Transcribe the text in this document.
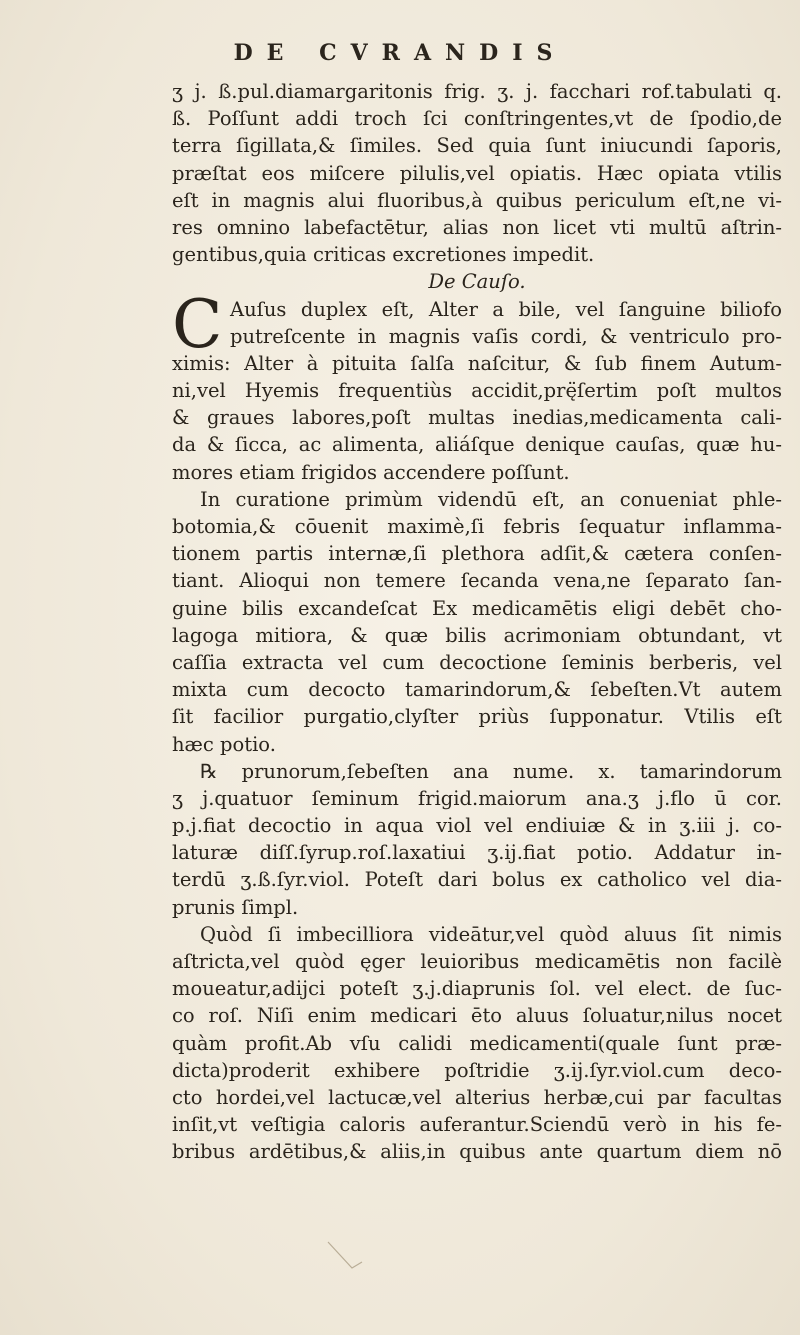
DE CVRANDIS
C
ʒ j. ß.pul.diamargaritonis frig. ʒ. j. facchari rof.tabulati q.
ß. Poſſunt addi troch ſci conſtringentes,vt de ſpodio,de
terra ſigillata,& ſimiles. Sed quia ſunt iniucundi ſaporis,
præſtat eos miſcere pilulis,vel opiatis. Hæc opiata vtilis
eſt in magnis alui fluoribus,à quibus periculum eſt,ne vi-
res omnino labefactētur, alias non licet vti multū aſtrin-
gentibus,quia criticas excretiones impedit.
De Cauſo.
Auſus duplex eſt, Alter a bile, vel ſanguine biliofo
putreſcente in magnis vaſis cordi, & ventriculo pro-
ximis: Alter à pituita ſalſa naſcitur, & ſub finem Autum-
ni,vel Hyemis frequentiùs accidit,prę̈ſertim poſt multos
& graues labores,poſt multas inedias,medicamenta cali-
da & ſicca, ac alimenta, aliáſque denique cauſas, quæ hu-
mores etiam frigidos accendere poſſunt.
In curatione primùm videndū eſt, an conueniat phle-
botomia,& cōuenit maximè,ſi febris ſequatur inflamma-
tionem partis internæ,ſi plethora adſit,& cætera conſen-
tiant. Alioqui non temere ſecanda vena,ne ſeparato ſan-
guine bilis excandeſcat Ex medicamētis eligi debēt cho-
lagoga mitiora, & quæ bilis acrimoniam obtundant, vt
caſſia extracta vel cum decoctione ſeminis berberis, vel
mixta cum decocto tamarindorum,& ſebeſten.Vt autem
ſit facilior purgatio,clyſter priùs ſupponatur. Vtilis eſt
hæc potio.
℞ prunorum,ſebeſten ana nume. x. tamarindorum
ʒ j.quatuor ſeminum frigid.maiorum ana.ʒ j.flo ū cor.
p.j.fiat decoctio in aqua viol vel endiuiæ & in ʒ.iii j. co-
laturæ diſſ.ſyrup.roſ.laxatiui ʒ.ij.fiat potio. Addatur in-
terdū ʒ.ß.ſyr.viol. Poteſt dari bolus ex catholico vel dia-
prunis ſimpl.
Quòd ſi imbecilliora videātur,vel quòd aluus ſit nimis
aſtricta,vel quòd ęger leuioribus medicamētis non facilè
moueatur,adijci poteſt ʒ.j.diaprunis ſol. vel elect. de ſuc-
co roſ. Niſi enim medicari ēto aluus ſoluatur,nilus nocet
quàm profit.Ab vſu calidi medicamenti(quale ſunt præ-
dicta)proderit exhibere poſtridie ʒ.ij.ſyr.viol.cum deco-
cto hordei,vel lactucæ,vel alterius herbæ,cui par facultas
inſit,vt veſtigia caloris auferantur.Sciendū verò in his fe-
bribus ardētibus,& aliis,in quibus ante quartum diem nō
